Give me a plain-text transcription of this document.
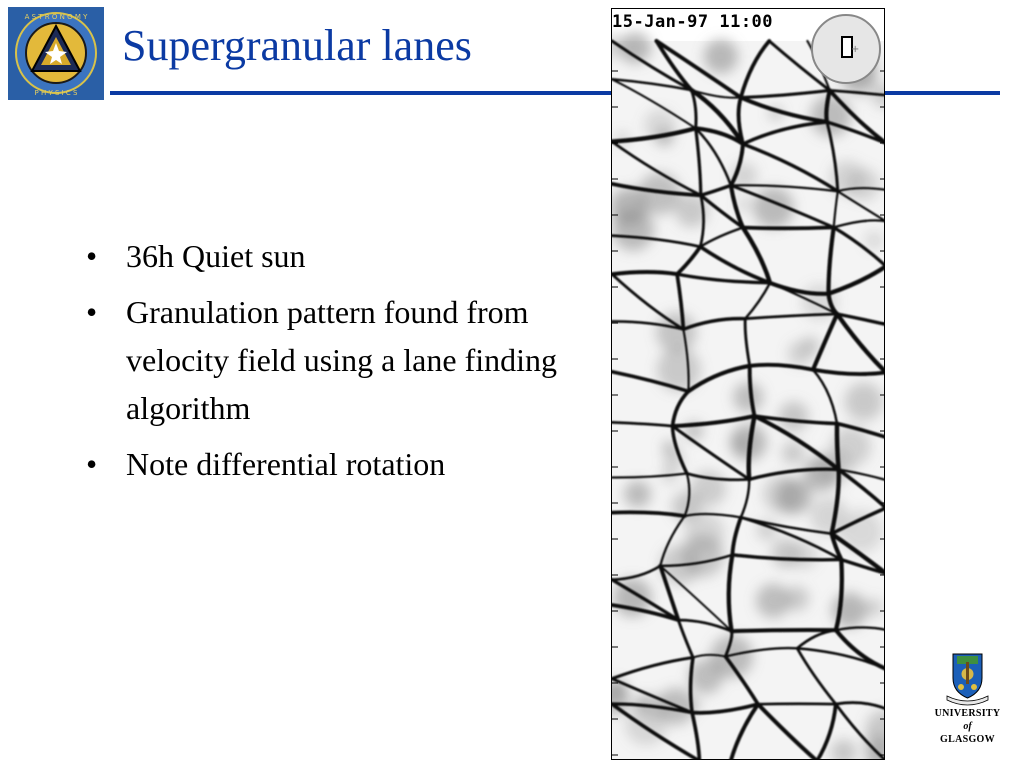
A S T R O N O M Y
P H Y S I C S
Supergranular lanes
• 36h Quiet sun
• Granulation pattern found from velocity field using a lane finding algorithm
• Note differential rotation
15-Jan-97 11:00
+
UNIVERSITY
of
GLASGOW
